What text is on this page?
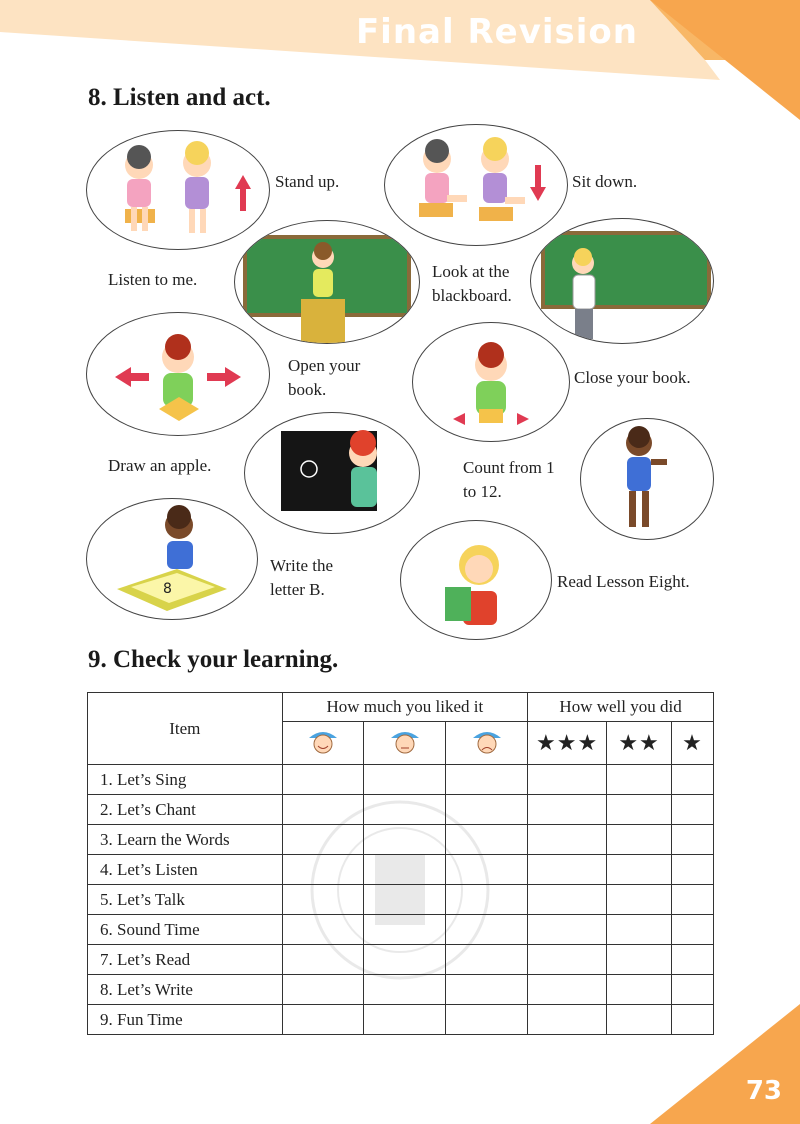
Final Revision
8. Listen and act.
Stand up.	Sit down.
Listen to me.	Look at the
blackboard.
Open your
book.
Close your book.
Draw an apple.	Count from 1
to 12.
8
Write the
letter B.	Read Lesson Eight.
9. Check your learning.
Item	How much you liked it			How well you did		
			★★★	★★	★
1. Let’s Sing						
2. Let’s Chant						
3. Learn the Words						
4. Let’s Listen						
5. Let’s Talk						
6. Sound Time						
7. Let’s Read						
8. Let’s Write						
9. Fun Time						
73
